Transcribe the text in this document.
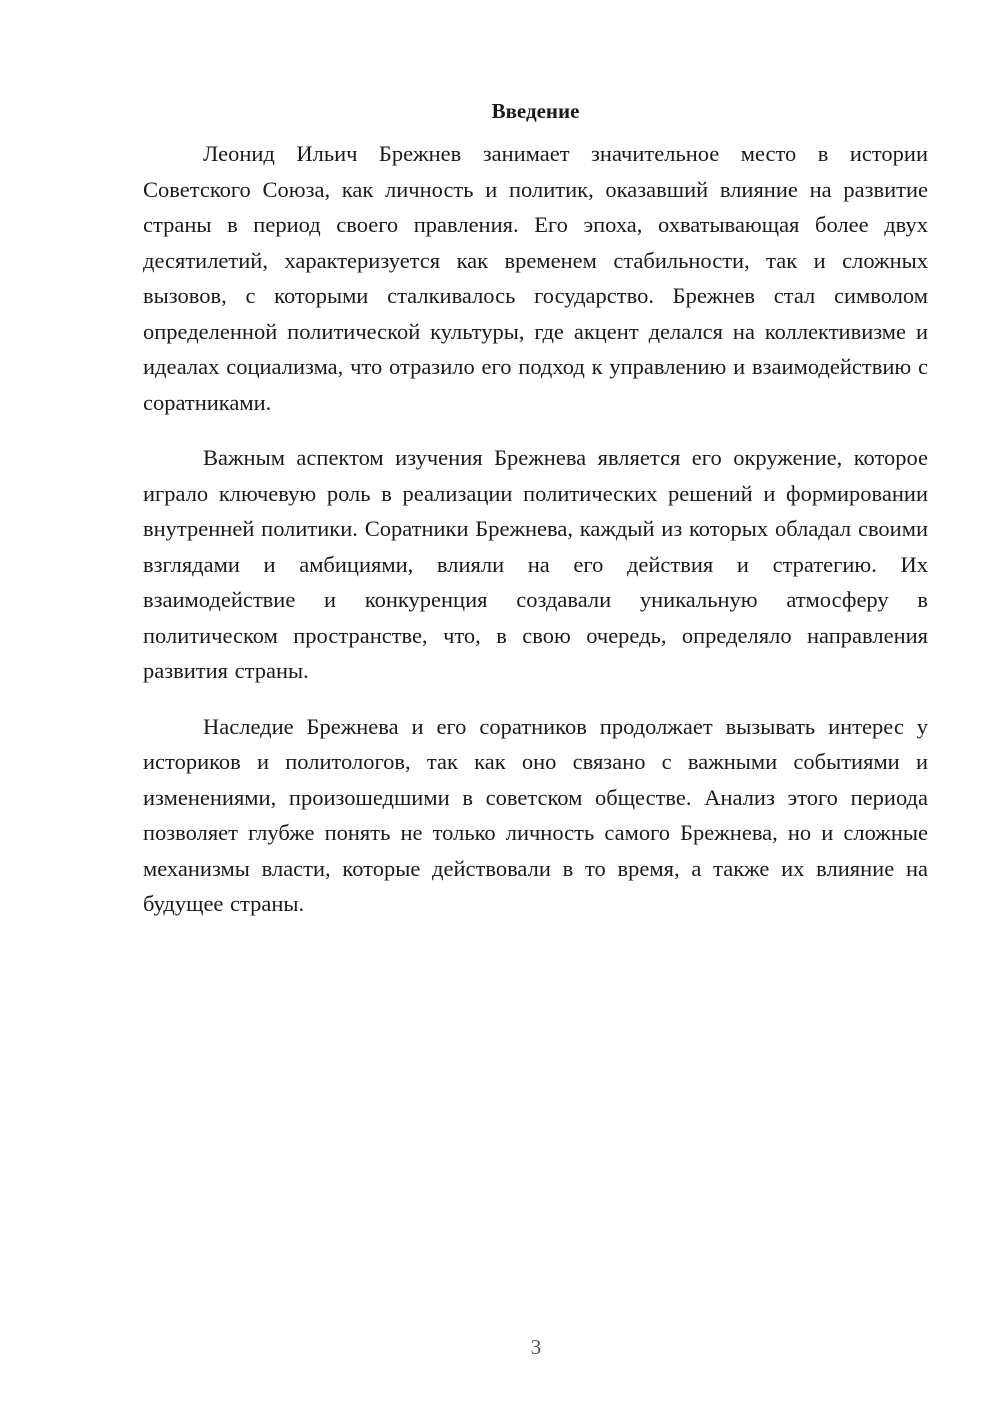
Введение

Леонид Ильич Брежнев занимает значительное место в истории Советского Союза, как личность и политик, оказавший влияние на развитие страны в период своего правления. Его эпоха, охватывающая более двух десятилетий, характеризуется как временем стабильности, так и сложных вызовов, с которыми сталкивалось государство. Брежнев стал символом определенной политической культуры, где акцент делался на коллективизме и идеалах социализма, что отразило его подход к управлению и взаимодействию с соратниками.

Важным аспектом изучения Брежнева является его окружение, которое играло ключевую роль в реализации политических решений и формировании внутренней политики. Соратники Брежнева, каждый из которых обладал своими взглядами и амбициями, влияли на его действия и стратегию. Их взаимодействие и конкуренция создавали уникальную атмосферу в политическом пространстве, что, в свою очередь, определяло направления развития страны.

Наследие Брежнева и его соратников продолжает вызывать интерес у историков и политологов, так как оно связано с важными событиями и изменениями, произошедшими в советском обществе. Анализ этого периода позволяет глубже понять не только личность самого Брежнева, но и сложные механизмы власти, которые действовали в то время, а также их влияние на будущее страны.

3
